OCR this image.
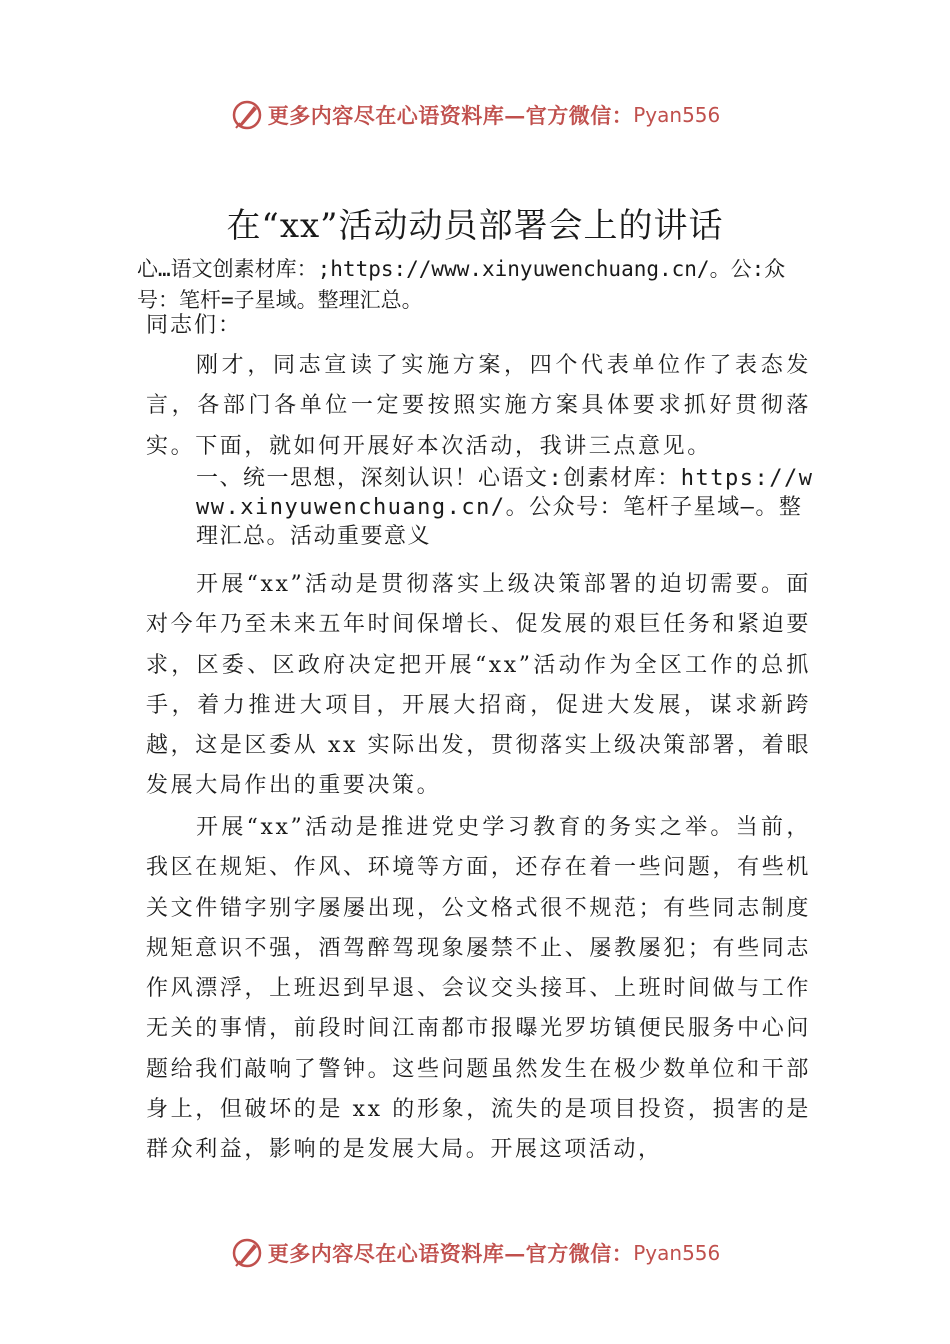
更多内容尽在心语资料库—官方微信： Pyan556
在“xx”活动动员部署会上的讲话

心…语文创素材库：;https://www.xinyuwenchuang.cn/。公:众号：笔杆=子星域。整理汇总。

同志们：

刚才，同志宣读了实施方案，四个代表单位作了表态发言，各部门各单位一定要按照实施方案具体要求抓好贯彻落实。下面，就如何开展好本次活动，我讲三点意见。

一、统一思想，深刻认识！心语文:创素材库：https://www.xinyuwenchuang.cn/。公众号：笔杆子星域—。整理汇总。活动重要意义

开展“xx”活动是贯彻落实上级决策部署的迫切需要。面对今年乃至未来五年时间保增长、促发展的艰巨任务和紧迫要求，区委、区政府决定把开展“xx”活动作为全区工作的总抓手，着力推进大项目，开展大招商，促进大发展，谋求新跨越，这是区委从 xx 实际出发，贯彻落实上级决策部署，着眼发展大局作出的重要决策。

开展“xx”活动是推进党史学习教育的务实之举。当前，我区在规矩、作风、环境等方面，还存在着一些问题，有些机关文件错字别字屡屡出现，公文格式很不规范；有些同志制度规矩意识不强，酒驾醉驾现象屡禁不止、屡教屡犯；有些同志作风漂浮，上班迟到早退、会议交头接耳、上班时间做与工作无关的事情，前段时间江南都市报曝光罗坊镇便民服务中心问题给我们敲响了警钟。这些问题虽然发生在极少数单位和干部身上，但破坏的是 xx 的形象，流失的是项目投资，损害的是群众利益，影响的是发展大局。开展这项活动，

更多内容尽在心语资料库—官方微信： Pyan556
